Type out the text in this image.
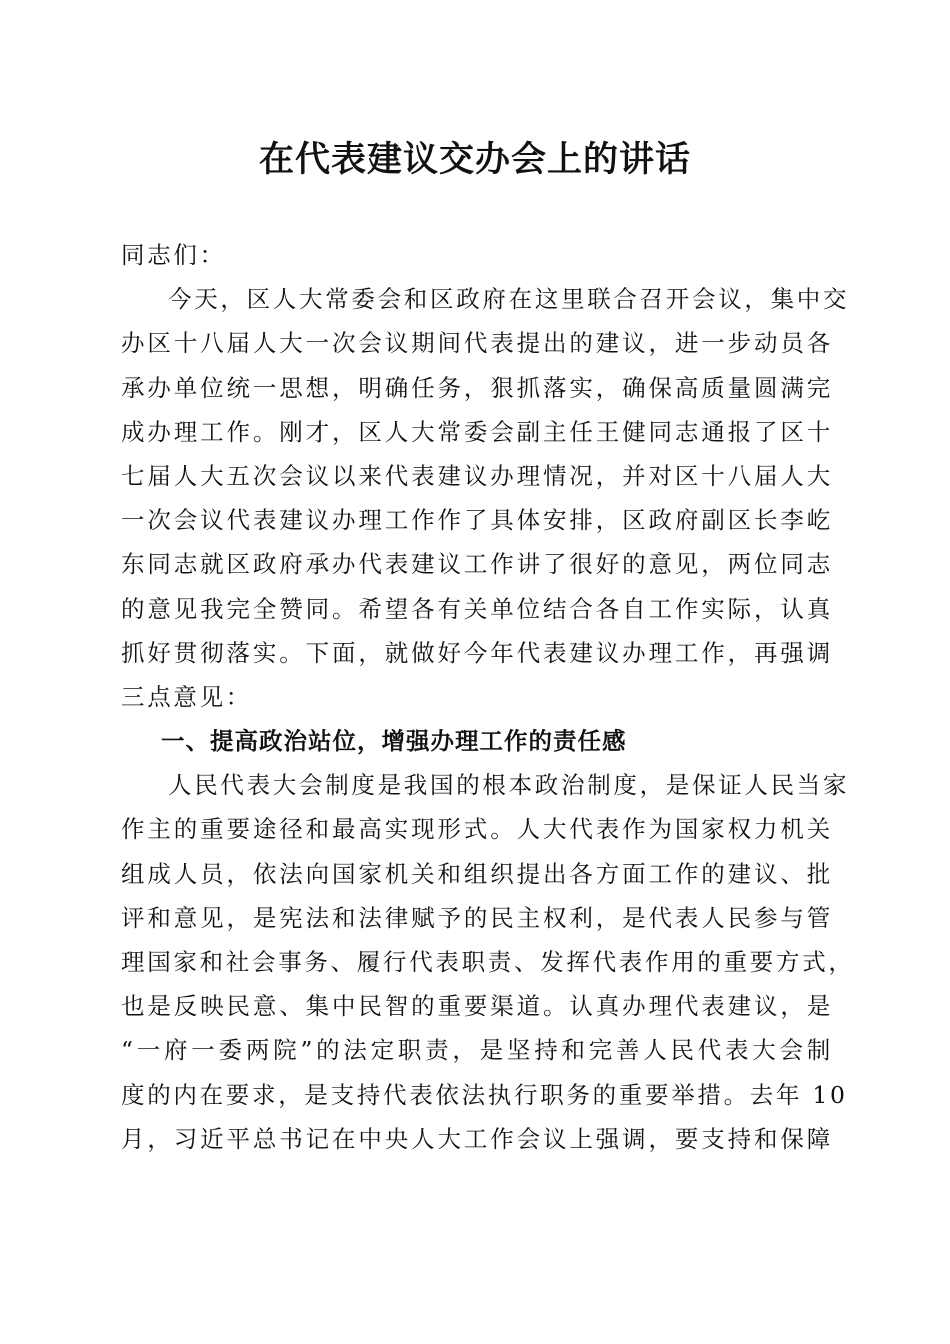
在代表建议交办会上的讲话
同志们：
今天，区人大常委会和区政府在这里联合召开会议，集中交
办区十八届人大一次会议期间代表提出的建议，进一步动员各
承办单位统一思想，明确任务，狠抓落实，确保高质量圆满完
成办理工作。刚才，区人大常委会副主任王健同志通报了区十
七届人大五次会议以来代表建议办理情况，并对区十八届人大
一次会议代表建议办理工作作了具体安排，区政府副区长李屹
东同志就区政府承办代表建议工作讲了很好的意见，两位同志
的意见我完全赞同。希望各有关单位结合各自工作实际，认真
抓好贯彻落实。下面，就做好今年代表建议办理工作，再强调
三点意见：
一、提高政治站位，增强办理工作的责任感
人民代表大会制度是我国的根本政治制度，是保证人民当家
作主的重要途径和最高实现形式。人大代表作为国家权力机关
组成人员，依法向国家机关和组织提出各方面工作的建议、批
评和意见，是宪法和法律赋予的民主权利，是代表人民参与管
理国家和社会事务、履行代表职责、发挥代表作用的重要方式，
也是反映民意、集中民智的重要渠道。认真办理代表建议，是
“一府一委两院”的法定职责，是坚持和完善人民代表大会制
度的内在要求，是支持代表依法执行职务的重要举措。去年 10
月，习近平总书记在中央人大工作会议上强调，要支持和保障
